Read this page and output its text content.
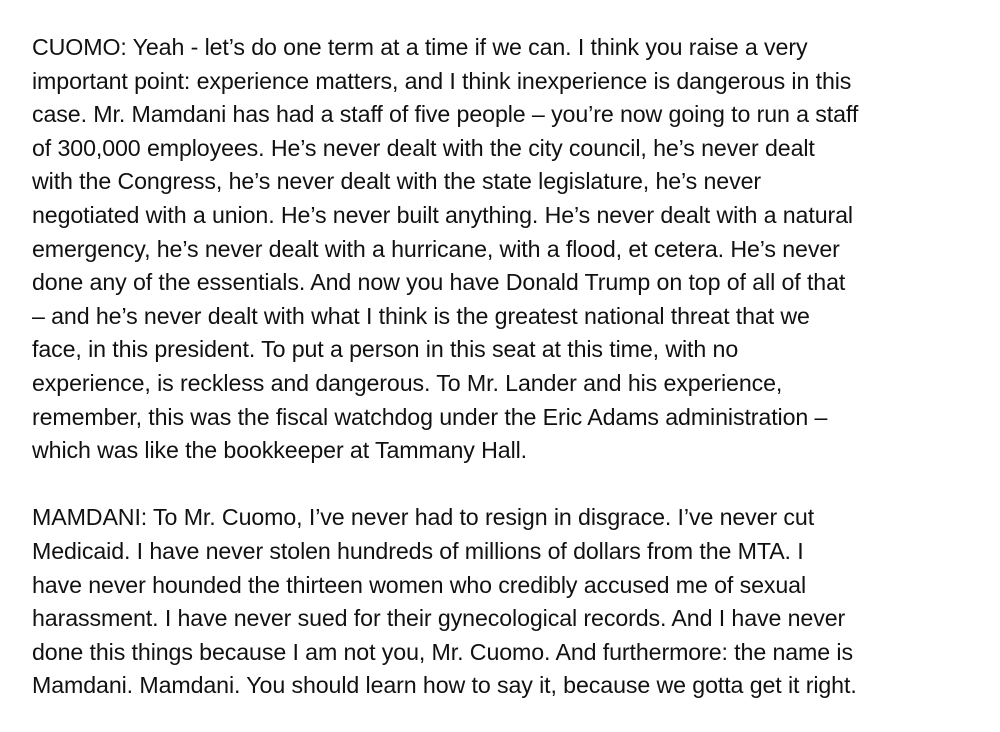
CUOMO: Yeah - let’s do one term at a time if we can. I think you raise a very
important point: experience matters, and I think inexperience is dangerous in this
case. Mr. Mamdani has had a staff of five people – you’re now going to run a staff
of 300,000 employees. He’s never dealt with the city council, he’s never dealt
with the Congress, he’s never dealt with the state legislature, he’s never
negotiated with a union. He’s never built anything. He’s never dealt with a natural
emergency, he’s never dealt with a hurricane, with a flood, et cetera. He’s never
done any of the essentials. And now you have Donald Trump on top of all of that
– and he’s never dealt with what I think is the greatest national threat that we
face, in this president. To put a person in this seat at this time, with no
experience, is reckless and dangerous. To Mr. Lander and his experience,
remember, this was the fiscal watchdog under the Eric Adams administration –
which was like the bookkeeper at Tammany Hall.

MAMDANI: To Mr. Cuomo, I’ve never had to resign in disgrace. I’ve never cut
Medicaid. I have never stolen hundreds of millions of dollars from the MTA. I
have never hounded the thirteen women who credibly accused me of sexual
harassment. I have never sued for their gynecological records. And I have never
done this things because I am not you, Mr. Cuomo. And furthermore: the name is
Mamdani. Mamdani. You should learn how to say it, because we gotta get it right.
